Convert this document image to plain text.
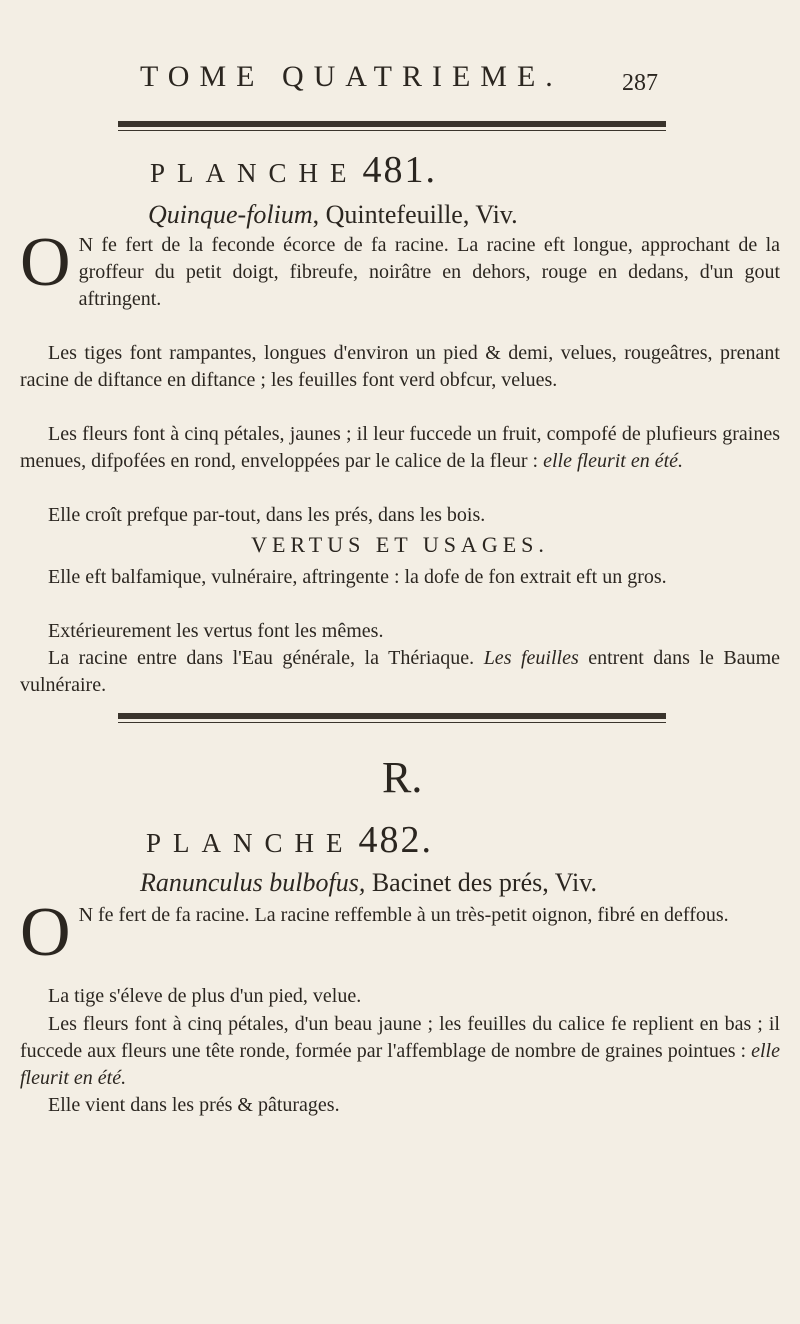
TOME QUATRIEME. 287
PLANCHE 481.
Quinque-folium, Quintefeuille, Viv.
O N fe fert de la feconde écorce de fa racine. La racine eft longue, approchant de la groffeur du petit doigt, fibreufe, noirâtre en dehors, rouge en dedans, d'un gout aftringent.

Les tiges font rampantes, longues d'environ un pied & demi, velues, rougeâtres, prenant racine de diftance en diftance ; les feuilles font verd obfcur, velues.

Les fleurs font à cinq pétales, jaunes ; il leur fuccede un fruit, compofé de plufieurs graines menues, difpofées en rond, enveloppées par le calice de la fleur : elle fleurit en été.

Elle croît prefque par-tout, dans les prés, dans les bois.

VERTUS ET USAGES.

Elle eft balfamique, vulnéraire, aftringente : la dofe de fon extrait eft un gros.

Extérieurement les vertus font les mêmes.

La racine entre dans l'Eau générale, la Thériaque. Les feuilles entrent dans le Baume vulnéraire.

R.
PLANCHE 482.
Ranunculus bulbofus, Bacinet des prés, Viv.
O N fe fert de fa racine. La racine reffemble à un très-petit oignon, fibré en deffous.

La tige s'éleve de plus d'un pied, velue.

Les fleurs font à cinq pétales, d'un beau jaune ; les feuilles du calice fe replient en bas ; il fuccede aux fleurs une tête ronde, formée par l'affemblage de nombre de graines pointues : elle fleurit en été.

Elle vient dans les prés & pâturages.
